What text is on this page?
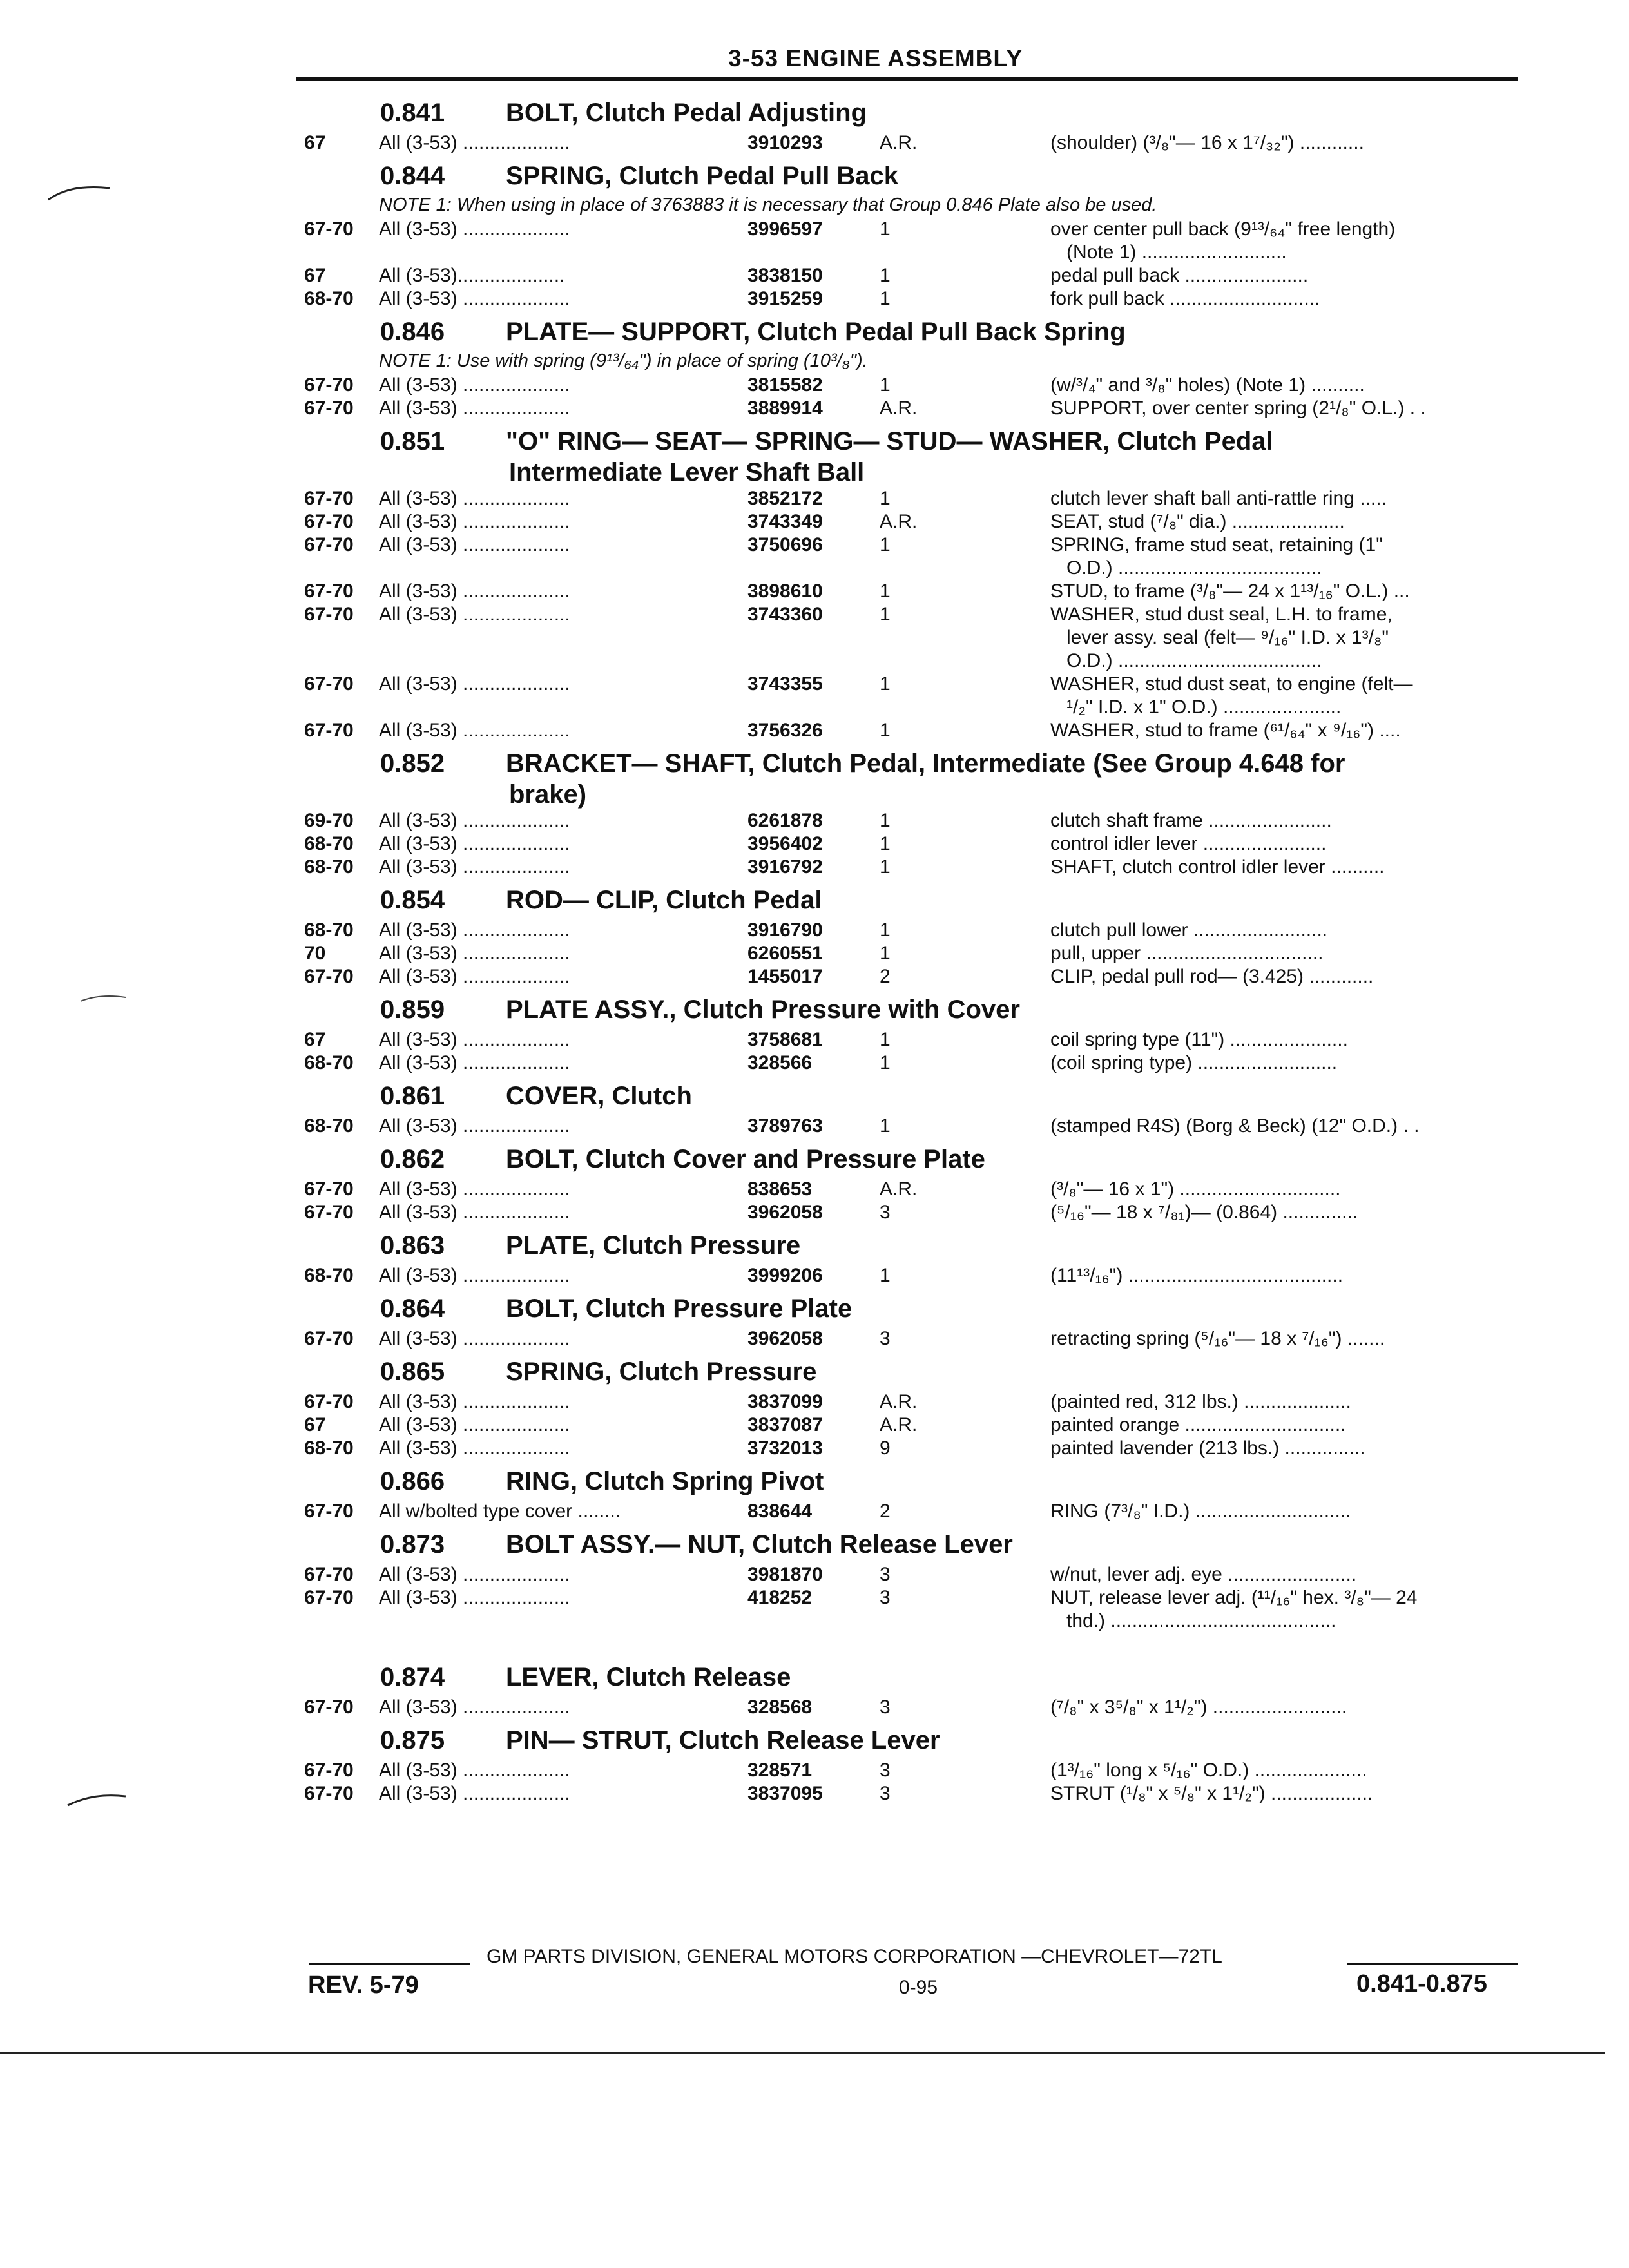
3-53 ENGINE ASSEMBLY
0.841 BOLT, Clutch Pedal Adjusting
67	All (3-53) ....................	3910293	A.R.	(shoulder) (³/₈"— 16 x 1⁷/₃₂") ............
0.844 SPRING, Clutch Pedal Pull Back
NOTE 1: When using in place of 3763883 it is necessary that Group 0.846 Plate also be used.
67-70 All (3-53) ....................	3996597	1	over center pull back (9¹³/₆₄" free length)
(Note 1) ...........................
67	All (3-53)....................	3838150	1	pedal pull back .......................
68-70 All (3-53) ....................	3915259	1	fork pull back ............................
0.846 PLATE— SUPPORT, Clutch Pedal Pull Back Spring
NOTE 1: Use with spring (9¹³/₆₄") in place of spring (10³/₈").
67-70 All (3-53) ....................	3815582	1	(w/³/₄" and ³/₈" holes) (Note 1) ..........
67-70 All (3-53) ....................	3889914	A.R.	SUPPORT, over center spring (2¹/₈" O.L.) . .
0.851 "O" RING— SEAT— SPRING— STUD— WASHER, Clutch Pedal
Intermediate Lever Shaft Ball
67-70 All (3-53) ....................	3852172	1	clutch lever shaft ball anti-rattle ring .....
67-70 All (3-53) ....................	3743349	A.R.	SEAT, stud (⁷/₈" dia.) .....................
67-70 All (3-53) ....................	3750696	1	SPRING, frame stud seat, retaining (1"
O.D.) ......................................
67-70 All (3-53) ....................	3898610	1	STUD, to frame (³/₈"— 24 x 1¹³/₁₆" O.L.) ...
67-70 All (3-53) ....................	3743360	1	WASHER, stud dust seal, L.H. to frame,
lever assy. seal (felt— ⁹/₁₆" I.D. x 1³/₈"
O.D.) ......................................
67-70 All (3-53) ....................	3743355	1	WASHER, stud dust seat, to engine (felt—
¹/₂" I.D. x 1" O.D.) ......................
67-70 All (3-53) ....................	3756326	1	WASHER, stud to frame (⁶¹/₆₄" x ⁹/₁₆") ....
0.852 BRACKET— SHAFT, Clutch Pedal, Intermediate (See Group 4.648 for
brake)
69-70 All (3-53) ....................	6261878	1	clutch shaft frame .......................
68-70 All (3-53) ....................	3956402	1	control idler lever .......................
68-70 All (3-53) ....................	3916792	1	SHAFT, clutch control idler lever ..........
0.854 ROD— CLIP, Clutch Pedal
68-70 All (3-53) ....................	3916790	1	clutch pull lower .........................
70	All (3-53) ....................	6260551	1	pull, upper .................................
67-70 All (3-53) ....................	1455017	2	CLIP, pedal pull rod— (3.425) ............
0.859 PLATE ASSY., Clutch Pressure with Cover
67	All (3-53) ....................	3758681	1	coil spring type (11") ......................
68-70 All (3-53) ....................	328566	1	(coil spring type) ..........................
0.861 COVER, Clutch
68-70 All (3-53) ....................	3789763	1	(stamped R4S) (Borg & Beck) (12" O.D.) . .
0.862 BOLT, Clutch Cover and Pressure Plate
67-70 All (3-53) ....................	838653	A.R.	(³/₈"— 16 x 1") ..............................
67-70 All (3-53) ....................	3962058	3	(⁵/₁₆"— 18 x ⁷/₈₁)— (0.864) ..............
0.863 PLATE, Clutch Pressure
68-70 All (3-53) ....................	3999206	1	(11¹³/₁₆") ........................................
0.864 BOLT, Clutch Pressure Plate
67-70 All (3-53) ....................	3962058	3	retracting spring (⁵/₁₆"— 18 x ⁷/₁₆") .......
0.865 SPRING, Clutch Pressure
67-70 All (3-53) ....................	3837099	A.R.	(painted red, 312 lbs.) ....................
67	All (3-53) ....................	3837087	A.R.	painted orange ..............................
68-70 All (3-53) ....................	3732013	9	painted lavender (213 lbs.) ...............
0.866 RING, Clutch Spring Pivot
67-70 All w/bolted type cover ........	838644	2	RING (7³/₈" I.D.) .............................
0.873 BOLT ASSY.— NUT, Clutch Release Lever
67-70 All (3-53) ....................	3981870	3	w/nut, lever adj. eye ........................
67-70 All (3-53) ....................	418252	3	NUT, release lever adj. (¹¹/₁₆" hex. ³/₈"— 24
thd.) ..........................................
0.874 LEVER, Clutch Release
67-70 All (3-53) ....................	328568	3	(⁷/₈" x 3⁵/₈" x 1¹/₂") .........................
0.875 PIN— STRUT, Clutch Release Lever
67-70 All (3-53) ....................	328571	3	(1³/₁₆" long x ⁵/₁₆" O.D.) .....................
67-70 All (3-53) ....................	3837095	3	STRUT (¹/₈" x ⁵/₈" x 1¹/₂") ...................
GM PARTS DIVISION, GENERAL MOTORS CORPORATION —CHEVROLET—72TL
REV. 5-79	0-95	0.841-0.875
